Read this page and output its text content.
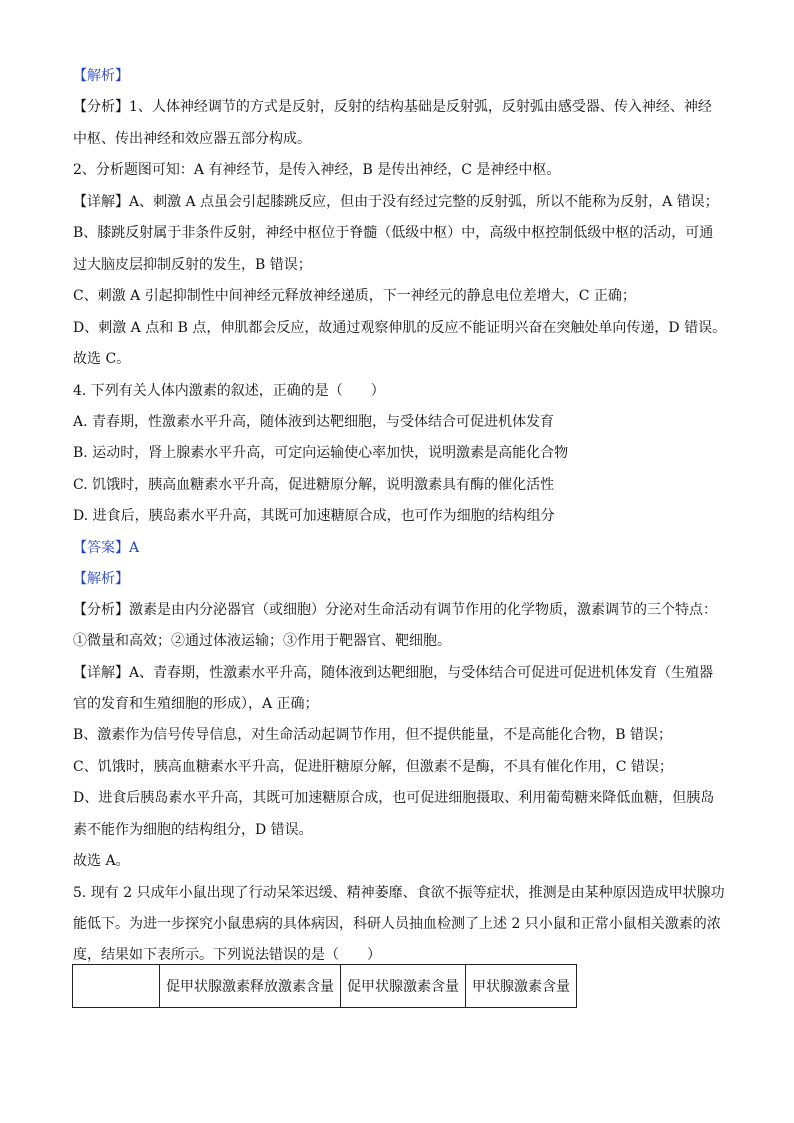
【解析】
【分析】1、人体神经调节的方式是反射，反射的结构基础是反射弧，反射弧由感受器、传入神经、神经
中枢、传出神经和效应器五部分构成。
2、分析题图可知：A 有神经节，是传入神经，B 是传出神经，C 是神经中枢。
【详解】A、刺激 A 点虽会引起膝跳反应，但由于没有经过完整的反射弧，所以不能称为反射，A 错误；
B、膝跳反射属于非条件反射，神经中枢位于脊髓（低级中枢）中，高级中枢控制低级中枢的活动，可通
过大脑皮层抑制反射的发生，B 错误；
C、刺激 A 引起抑制性中间神经元释放神经递质，下一神经元的静息电位差增大，C 正确；
D、刺激 A 点和 B 点，伸肌都会反应，故通过观察伸肌的反应不能证明兴奋在突触处单向传递，D 错误。
故选 C。
4. 下列有关人体内激素的叙述，正确的是（　　）
A. 青春期，性激素水平升高，随体液到达靶细胞，与受体结合可促进机体发育
B. 运动时，肾上腺素水平升高，可定向运输使心率加快，说明激素是高能化合物
C. 饥饿时，胰高血糖素水平升高，促进糖原分解，说明激素具有酶的催化活性
D. 进食后，胰岛素水平升高，其既可加速糖原合成，也可作为细胞的结构组分
【答案】A
【解析】
【分析】激素是由内分泌器官（或细胞）分泌对生命活动有调节作用的化学物质，激素调节的三个特点：
①微量和高效；②通过体液运输；③作用于靶器官、靶细胞。
【详解】A、青春期，性激素水平升高，随体液到达靶细胞，与受体结合可促进可促进机体发育（生殖器
官的发育和生殖细胞的形成），A 正确；
B、激素作为信号传导信息，对生命活动起调节作用，但不提供能量，不是高能化合物，B 错误；
C、饥饿时，胰高血糖素水平升高，促进肝糖原分解，但激素不是酶，不具有催化作用，C 错误；
D、进食后胰岛素水平升高，其既可加速糖原合成，也可促进细胞摄取、利用葡萄糖来降低血糖，但胰岛
素不能作为细胞的结构组分，D 错误。
故选 A。
5. 现有 2 只成年小鼠出现了行动呆笨迟缓、精神萎靡、食欲不振等症状，推测是由某种原因造成甲状腺功
能低下。为进一步探究小鼠患病的具体病因，科研人员抽血检测了上述 2 只小鼠和正常小鼠相关激素的浓
度，结果如下表所示。下列说法错误的是（　　）
	促甲状腺激素释放激素含量	促甲状腺激素含量	甲状腺激素含量
